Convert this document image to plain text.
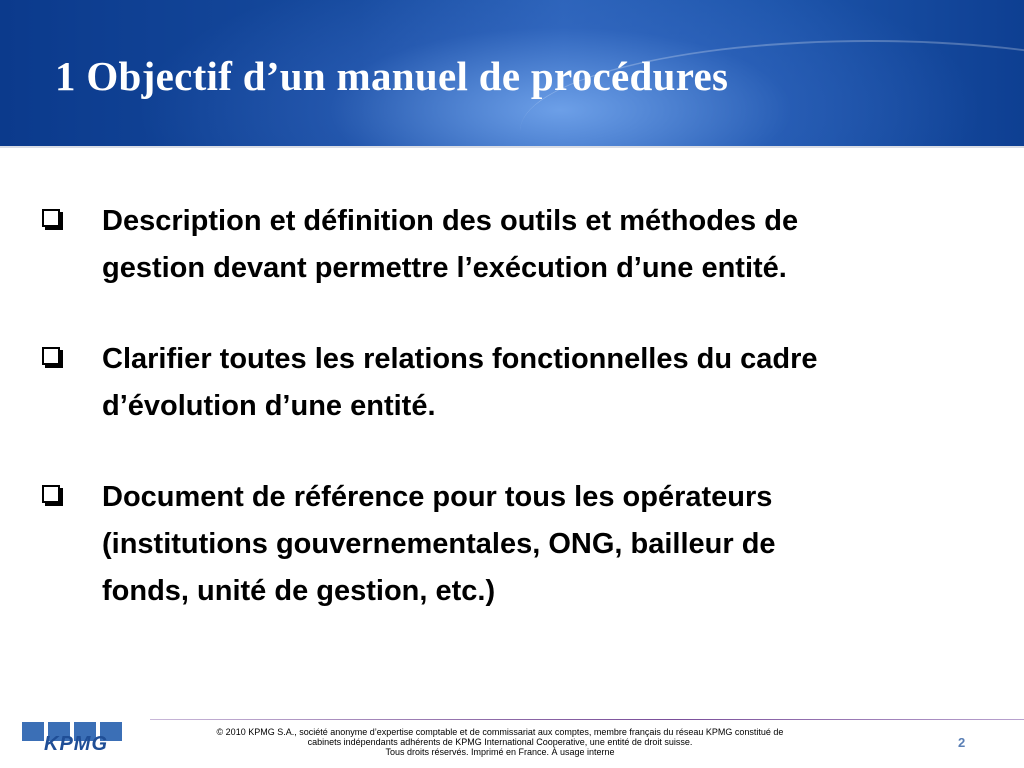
1 Objectif d’un manuel de procédures
Description et définition des outils et méthodes de
gestion devant permettre l’exécution d’une entité.
Clarifier toutes les relations fonctionnelles du cadre
d’évolution d’une entité.
Document de référence pour tous les opérateurs
(institutions gouvernementales, ONG, bailleur de
fonds, unité de gestion, etc.)
KPMG
© 2010 KPMG S.A., société anonyme d’expertise comptable et de commissariat aux comptes, membre français du réseau KPMG constitué de
cabinets indépendants adhérents de KPMG International Cooperative, une entité de droit suisse.
Tous droits réservés. Imprimé en France. À usage interne
2
